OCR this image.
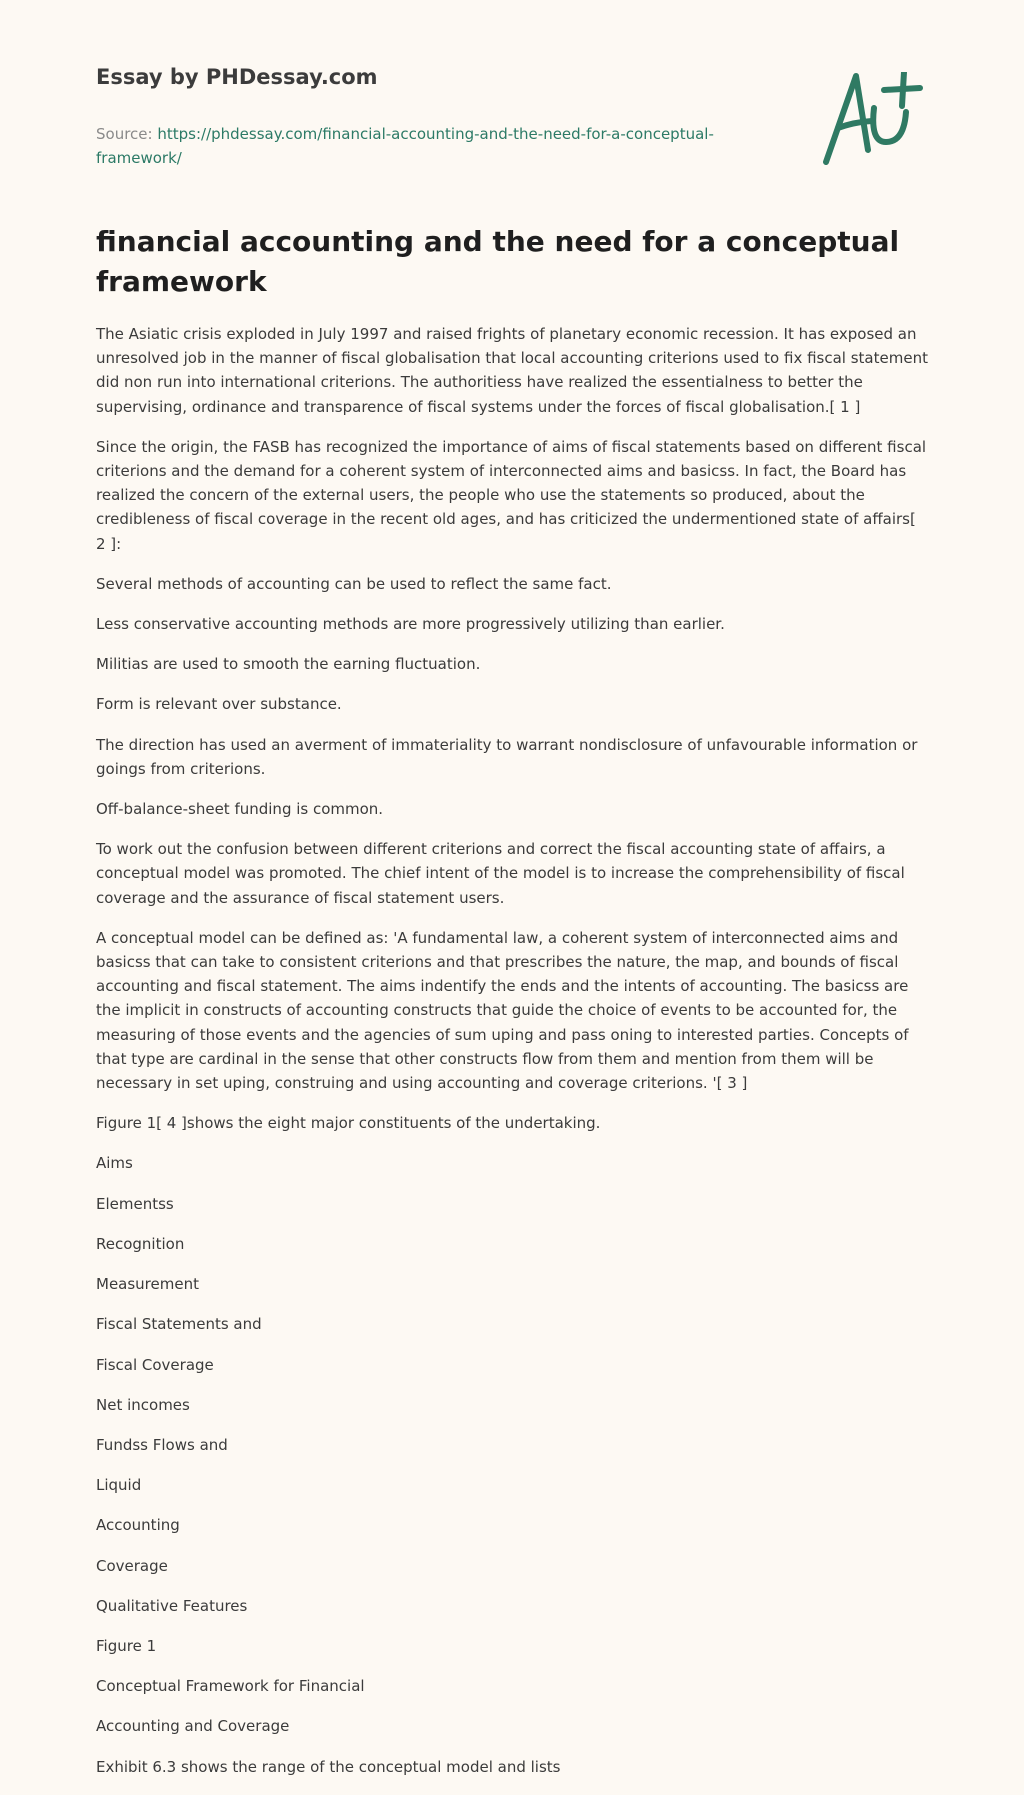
Essay by PHDessay.com
Source: https://phdessay.com/financial-accounting-and-the-need-for-a-conceptual-framework/
financial accounting and the need for a conceptual framework

The Asiatic crisis exploded in July 1997 and raised frights of planetary economic recession. It has exposed an unresolved job in the manner of fiscal globalisation that local accounting criterions used to fix fiscal statement did non run into international criterions. The authoritiess have realized the essentialness to better the supervising, ordinance and transparence of fiscal systems under the forces of fiscal globalisation.[ 1 ]

Since the origin, the FASB has recognized the importance of aims of fiscal statements based on different fiscal criterions and the demand for a coherent system of interconnected aims and basicss. In fact, the Board has realized the concern of the external users, the people who use the statements so produced, about the credibleness of fiscal coverage in the recent old ages, and has criticized the undermentioned state of affairs[ 2 ]:

Several methods of accounting can be used to reflect the same fact.

Less conservative accounting methods are more progressively utilizing than earlier.

Militias are used to smooth the earning fluctuation.

Form is relevant over substance.

The direction has used an averment of immateriality to warrant nondisclosure of unfavourable information or goings from criterions.

Off-balance-sheet funding is common.

To work out the confusion between different criterions and correct the fiscal accounting state of affairs, a conceptual model was promoted. The chief intent of the model is to increase the comprehensibility of fiscal coverage and the assurance of fiscal statement users.

A conceptual model can be defined as: 'A fundamental law, a coherent system of interconnected aims and basicss that can take to consistent criterions and that prescribes the nature, the map, and bounds of fiscal accounting and fiscal statement. The aims indentify the ends and the intents of accounting. The basicss are the implicit in constructs of accounting constructs that guide the choice of events to be accounted for, the measuring of those events and the agencies of sum uping and pass oning to interested parties. Concepts of that type are cardinal in the sense that other constructs flow from them and mention from them will be necessary in set uping, construing and using accounting and coverage criterions. '[ 3 ]

Figure 1[ 4 ]shows the eight major constituents of the undertaking.

Aims

Elementss

Recognition

Measurement

Fiscal Statements and

Fiscal Coverage

Net incomes

Fundss Flows and

Liquid

Accounting

Coverage

Qualitative Features

Figure 1

Conceptual Framework for Financial

Accounting and Coverage

Exhibit 6.3 shows the range of the conceptual model and lists
